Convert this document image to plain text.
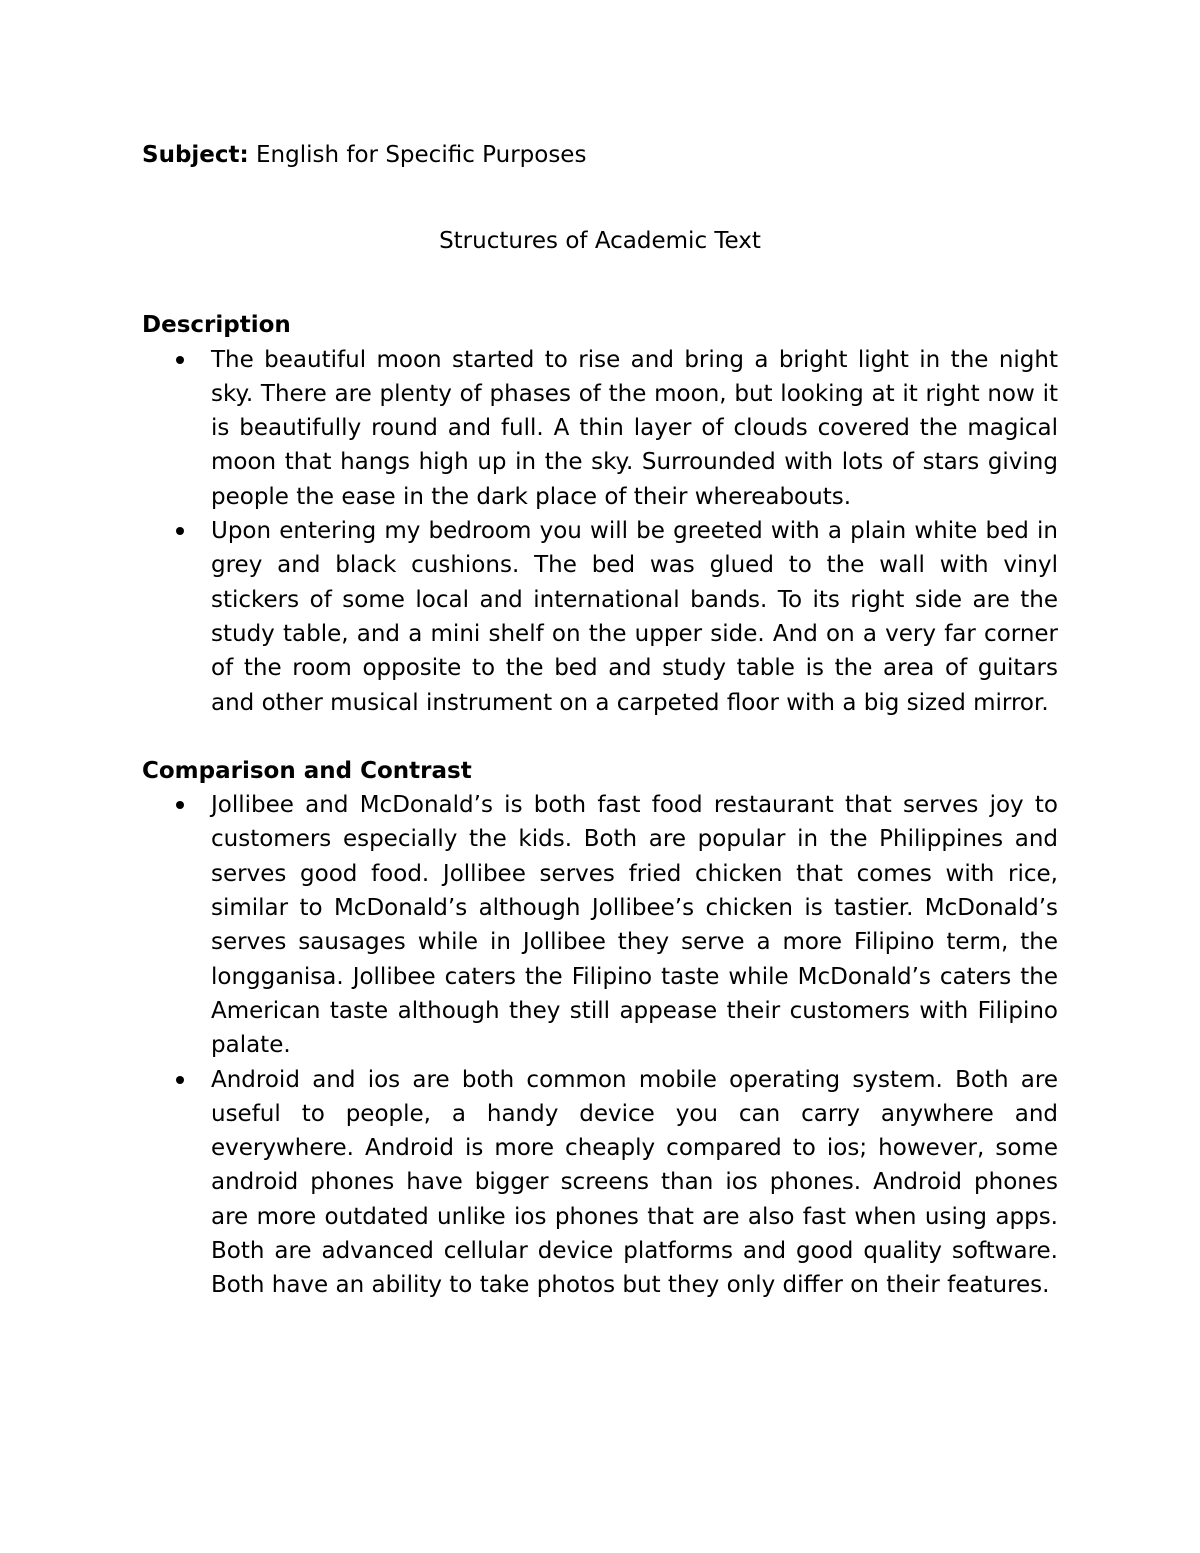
Subject: English for Specific Purposes

Structures of Academic Text
Description
The beautiful moon started to rise and bring a bright light in the night sky. There are plenty of phases of the moon, but looking at it right now it is beautifully round and full. A thin layer of clouds covered the magical moon that hangs high up in the sky. Surrounded with lots of stars giving people the ease in the dark place of their whereabouts.
Upon entering my bedroom you will be greeted with a plain white bed in grey and black cushions. The bed was glued to the wall with vinyl stickers of some local and international bands. To its right side are the study table, and a mini shelf on the upper side. And on a very far corner of the room opposite to the bed and study table is the area of guitars and other musical instrument on a carpeted floor with a big sized mirror.
Comparison and Contrast
Jollibee and McDonald’s is both fast food restaurant that serves joy to customers especially the kids. Both are popular in the Philippines and serves good food. Jollibee serves fried chicken that comes with rice, similar to McDonald’s although Jollibee’s chicken is tastier. McDonald’s serves sausages while in Jollibee they serve a more Filipino term, the longganisa. Jollibee caters the Filipino taste while McDonald’s caters the American taste although they still appease their customers with Filipino palate.
Android and ios are both common mobile operating system. Both are useful to people, a handy device you can carry anywhere and everywhere. Android is more cheaply compared to ios; however, some android phones have bigger screens than ios phones. Android phones are more outdated unlike ios phones that are also fast when using apps. Both are advanced cellular device platforms and good quality software. Both have an ability to take photos but they only differ on their features.
